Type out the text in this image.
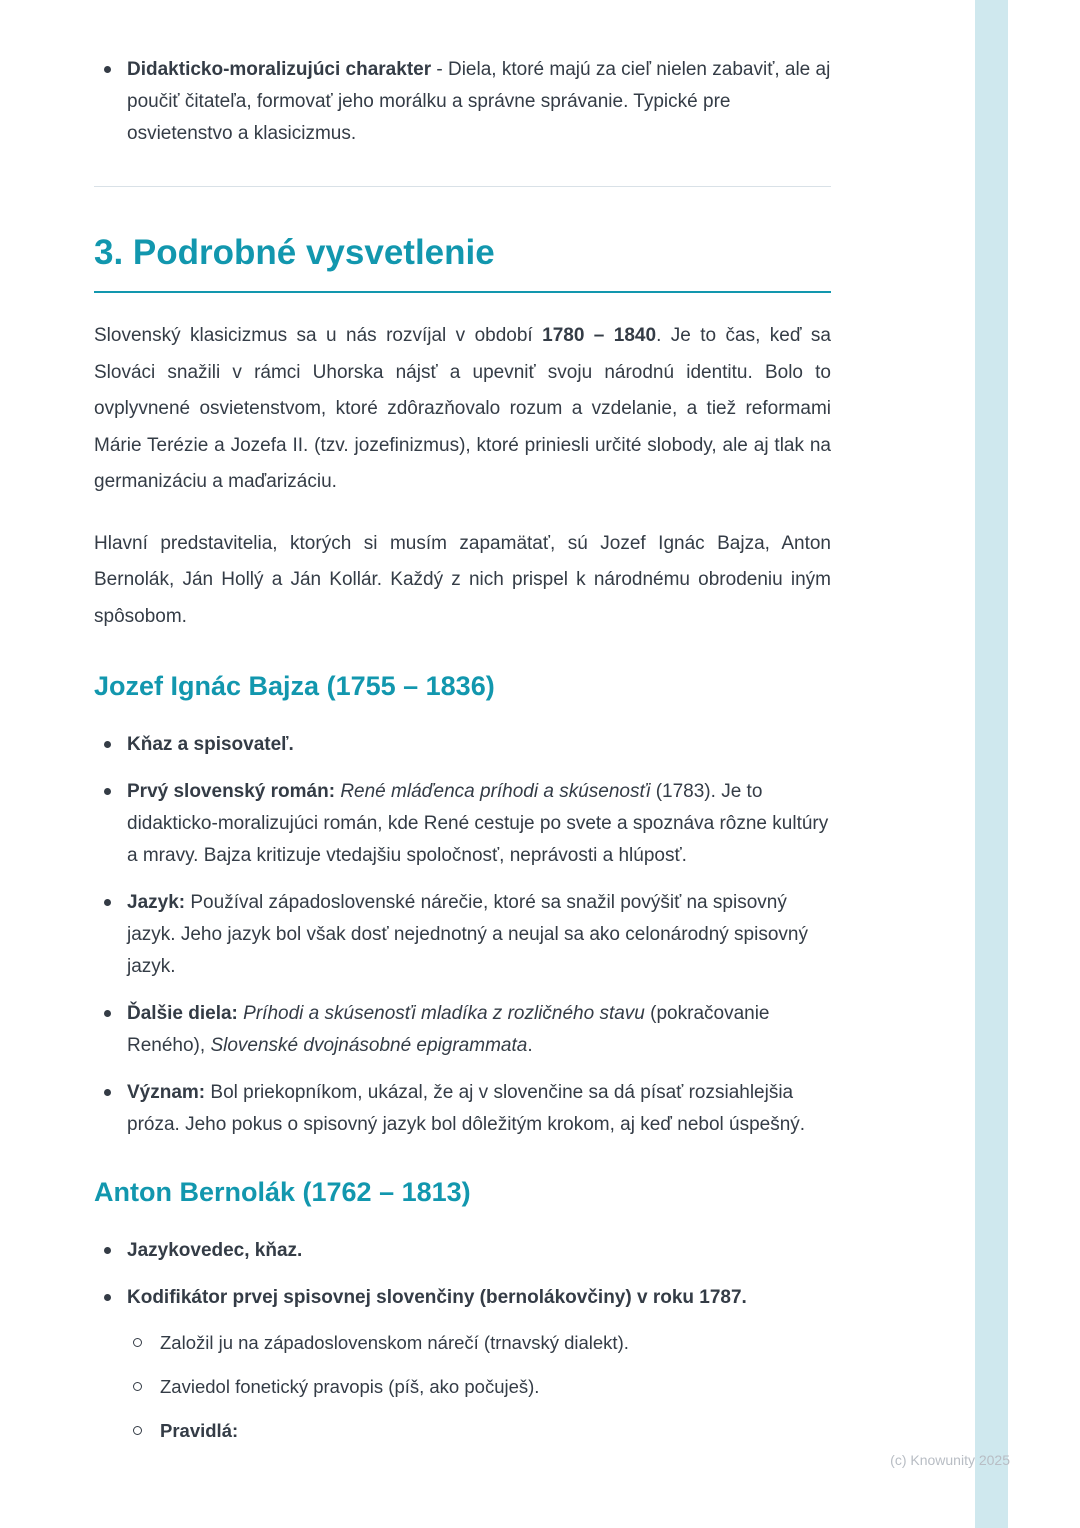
Didakticko-moralizujúci charakter - Diela, ktoré majú za cieľ nielen zabaviť, ale aj poučiť čitateľa, formovať jeho morálku a správne správanie. Typické pre osvietenstvo a klasicizmus.
3. Podrobné vysvetlenie

Slovenský klasicizmus sa u nás rozvíjal v období 1780 – 1840. Je to čas, keď sa Slováci snažili v rámci Uhorska nájsť a upevniť svoju národnú identitu. Bolo to ovplyvnené osvietenstvom, ktoré zdôrazňovalo rozum a vzdelanie, a tiež reformami Márie Terézie a Jozefa II. (tzv. jozefinizmus), ktoré priniesli určité slobody, ale aj tlak na germanizáciu a maďarizáciu.

Hlavní predstavitelia, ktorých si musím zapamätať, sú Jozef Ignác Bajza, Anton Bernolák, Ján Hollý a Ján Kollár. Každý z nich prispel k národnému obrodeniu iným spôsobom.

Jozef Ignác Bajza (1755 – 1836)
Kňaz a spisovateľ.
Prvý slovenský román: René mláďenca príhodi a skúsenosťi (1783). Je to didakticko-moralizujúci román, kde René cestuje po svete a spoznáva rôzne kultúry a mravy. Bajza kritizuje vtedajšiu spoločnosť, neprávosti a hlúposť.
Jazyk: Používal západoslovenské nárečie, ktoré sa snažil povýšiť na spisovný jazyk. Jeho jazyk bol však dosť nejednotný a neujal sa ako celonárodný spisovný jazyk.
Ďalšie diela: Príhodi a skúsenosťi mladíka z rozličného stavu (pokračovanie Reného), Slovenské dvojnásobné epigrammata.
Význam: Bol priekopníkom, ukázal, že aj v slovenčine sa dá písať rozsiahlejšia próza. Jeho pokus o spisovný jazyk bol dôležitým krokom, aj keď nebol úspešný.
Anton Bernolák (1762 – 1813)
Jazykovedec, kňaz.
Kodifikátor prvej spisovnej slovenčiny (bernolákovčiny) v roku 1787.
Založil ju na západoslovenskom nárečí (trnavský dialekt).
Zaviedol fonetický pravopis (píš, ako počuješ).
Pravidlá:
(c) Knowunity 2025
